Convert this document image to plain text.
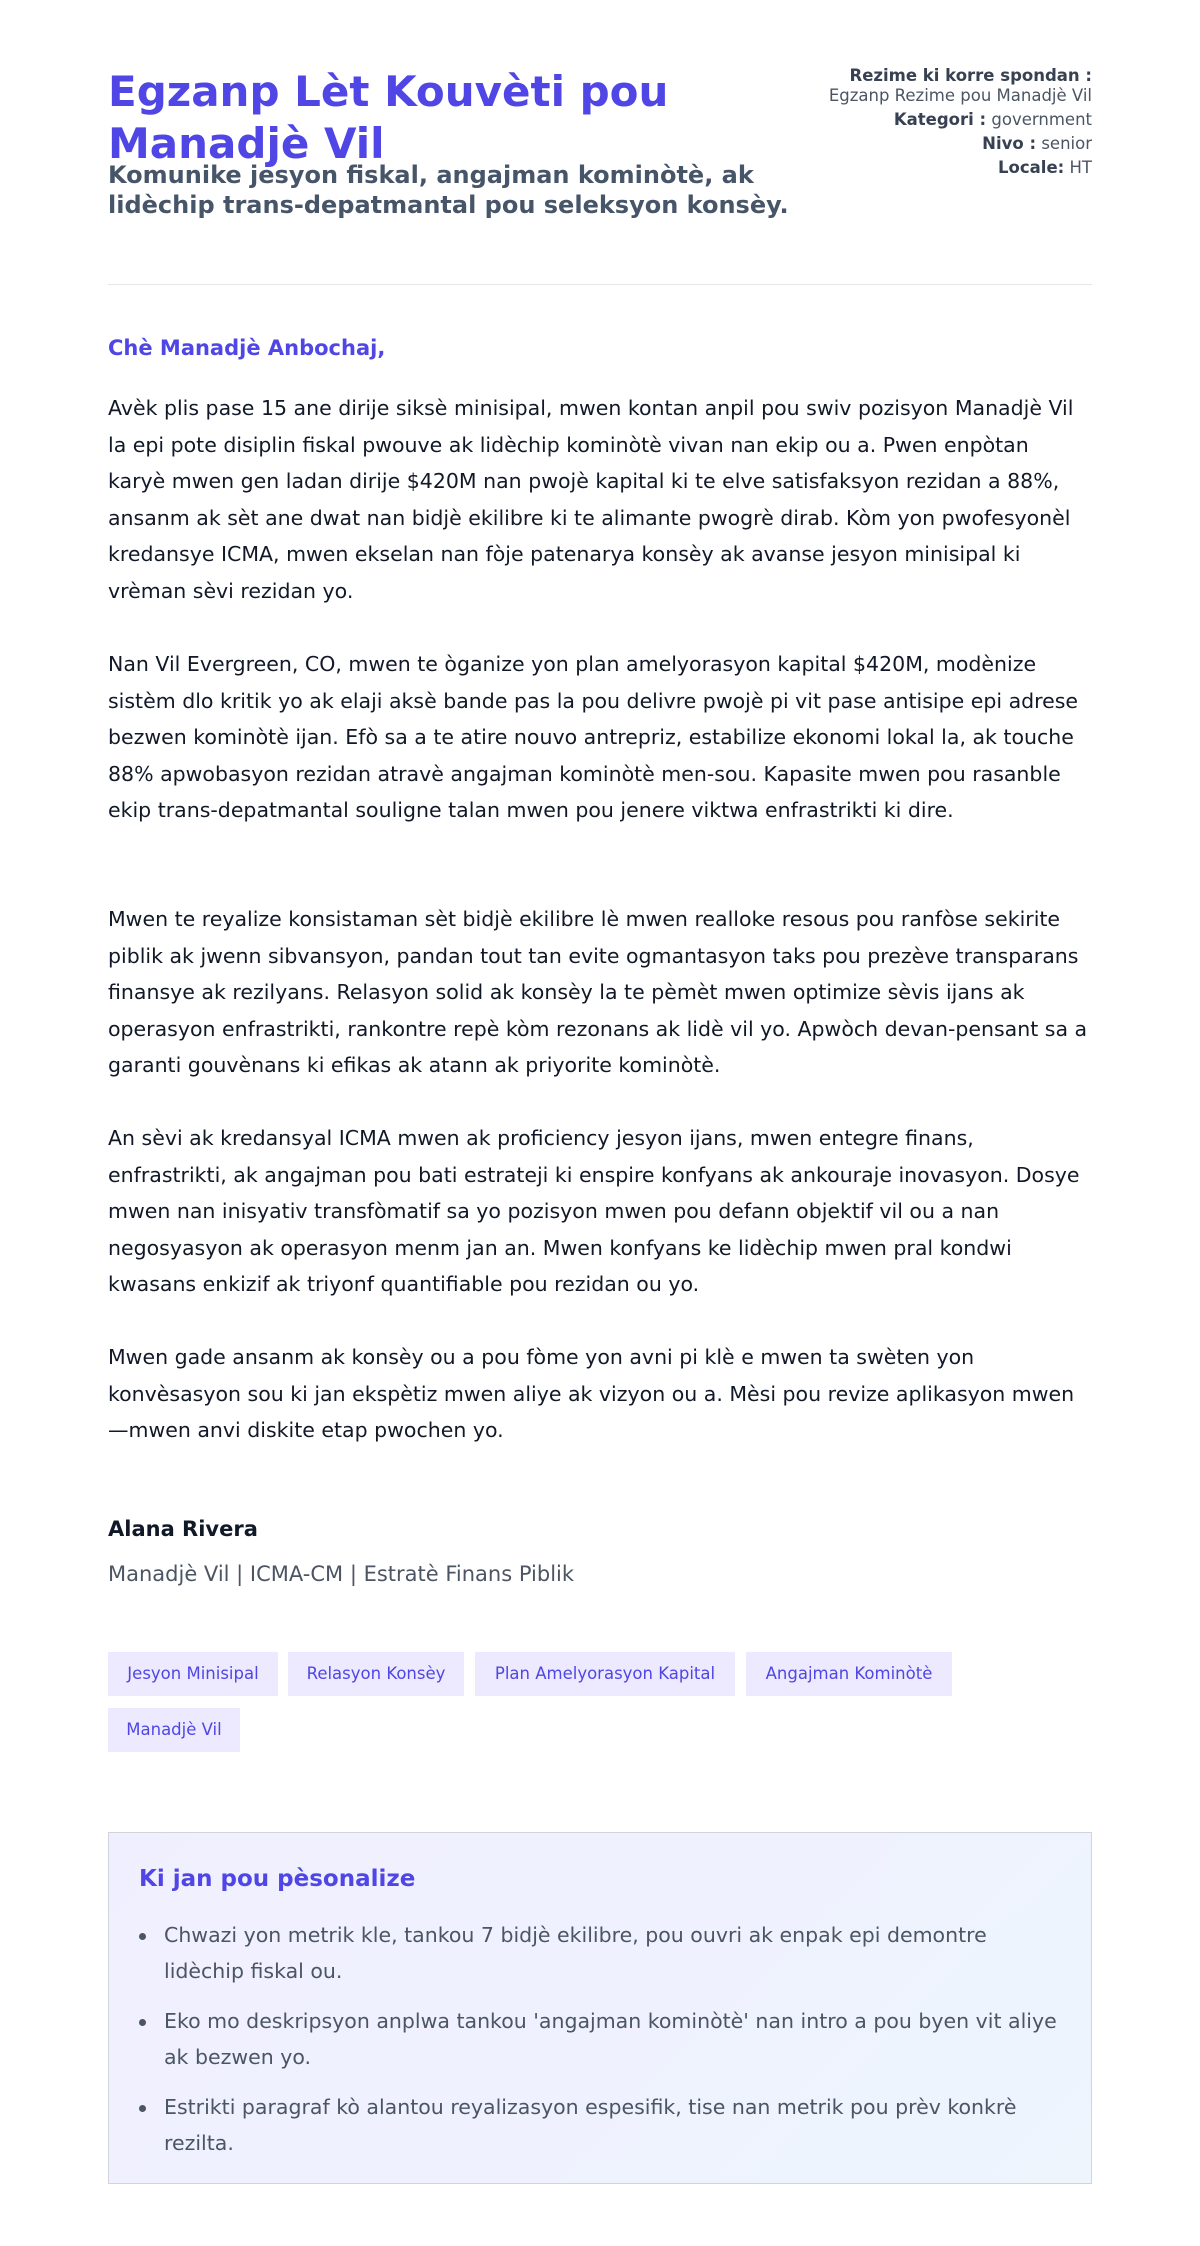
Egzanp Lèt Kouvèti pou Manadjè Vil
Komunike jesyon fiskal, angajman kominòtè, ak lidèchip trans-depatmantal pou seleksyon konsèy.
Rezime ki korre spondan :
Egzanp Rezime pou Manadjè Vil
Kategori : government
Nivo : senior
Locale: HT
Chè Manadjè Anbochaj,

Avèk plis pase 15 ane dirije siksè minisipal, mwen kontan anpil pou swiv pozisyon Manadjè Vil la epi pote disiplin fiskal pwouve ak lidèchip kominòtè vivan nan ekip ou a. Pwen enpòtan karyè mwen gen ladan dirije $420M nan pwojè kapital ki te elve satisfaksyon rezidan a 88%, ansanm ak sèt ane dwat nan bidjè ekilibre ki te alimante pwogrè dirab. Kòm yon pwofesyonèl kredansye ICMA, mwen ekselan nan fòje patenarya konsèy ak avanse jesyon minisipal ki vrèman sèvi rezidan yo.

Nan Vil Evergreen, CO, mwen te òganize yon plan amelyorasyon kapital $420M, modènize sistèm dlo kritik yo ak elaji aksè bande pas la pou delivre pwojè pi vit pase antisipe epi adrese bezwen kominòtè ijan. Efò sa a te atire nouvo antrepriz, estabilize ekonomi lokal la, ak touche 88% apwobasyon rezidan atravè angajman kominòtè men-sou. Kapasite mwen pou rasanble ekip trans-depatmantal souligne talan mwen pou jenere viktwa enfrastrikti ki dire.

Mwen te reyalize konsistaman sèt bidjè ekilibre lè mwen realloke resous pou ranfòse sekirite piblik ak jwenn sibvansyon, pandan tout tan evite ogmantasyon taks pou prezève transparans finansye ak rezilyans. Relasyon solid ak konsèy la te pèmèt mwen optimize sèvis ijans ak operasyon enfrastrikti, rankontre repè kòm rezonans ak lidè vil yo. Apwòch devan-pensant sa a garanti gouvènans ki efikas ak atann ak priyorite kominòtè.

An sèvi ak kredansyal ICMA mwen ak proficiency jesyon ijans, mwen entegre finans, enfrastrikti, ak angajman pou bati estrateji ki enspire konfyans ak ankouraje inovasyon. Dosye mwen nan inisyativ transfòmatif sa yo pozisyon mwen pou defann objektif vil ou a nan negosyasyon ak operasyon menm jan an. Mwen konfyans ke lidèchip mwen pral kondwi kwasans enkizif ak triyonf quantifiable pou rezidan ou yo.

Mwen gade ansanm ak konsèy ou a pou fòme yon avni pi klè e mwen ta swèten yon konvèsasyon sou ki jan ekspètiz mwen aliye ak vizyon ou a. Mèsi pou revize aplikasyon mwen—mwen anvi diskite etap pwochen yo.

Alana Rivera
Manadjè Vil | ICMA-CM | Estratè Finans Piblik
Jesyon Minisipal	Relasyon Konsèy	Plan Amelyorasyon Kapital	Angajman Kominòtè
Manadjè Vil
Ki jan pou pèsonalize
Chwazi yon metrik kle, tankou 7 bidjè ekilibre, pou ouvri ak enpak epi demontre lidèchip fiskal ou.
Eko mo deskripsyon anplwa tankou 'angajman kominòtè' nan intro a pou byen vit aliye ak bezwen yo.
Estrikti paragraf kò alantou reyalizasyon espesifik, tise nan metrik pou prèv konkrè rezilta.
